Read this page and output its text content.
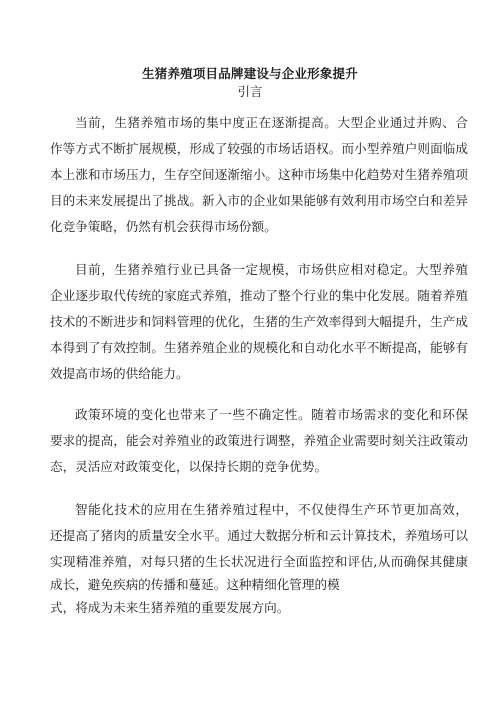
生猪养殖项目品牌建设与企业形象提升
引言
当前，生猪养殖市场的集中度正在逐渐提高。大型企业通过并购、合
作等方式不断扩展规模，形成了较强的市场话语权。而小型养殖户则面临成
本上涨和市场压力，生存空间逐渐缩小。这种市场集中化趋势对生猪养殖项
目的未来发展提出了挑战。新入市的企业如果能够有效利用市场空白和差异
化竞争策略，仍然有机会获得市场份额。
目前，生猪养殖行业已具备一定规模，市场供应相对稳定。大型养殖
企业逐步取代传统的家庭式养殖，推动了整个行业的集中化发展。随着养殖
技术的不断进步和饲料管理的优化，生猪的生产效率得到大幅提升，生产成
本得到了有效控制。生猪养殖企业的规模化和自动化水平不断提高，能够有
效提高市场的供给能力。
政策环境的变化也带来了一些不确定性。随着市场需求的变化和环保
要求的提高，能会对养殖业的政策进行调整，养殖企业需要时刻关注政策动
态，灵活应对政策变化，以保持长期的竞争优势。
智能化技术的应用在生猪养殖过程中，不仅使得生产环节更加高效，
还提高了猪肉的质量安全水平。通过大数据分析和云计算技术，养殖场可以
实现精准养殖，对每只猪的生长状况进行全面监控和评估,从而确保其健康
成长，避免疾病的传播和蔓延。这种精细化管理的模
式，将成为未来生猪养殖的重要发展方向。
